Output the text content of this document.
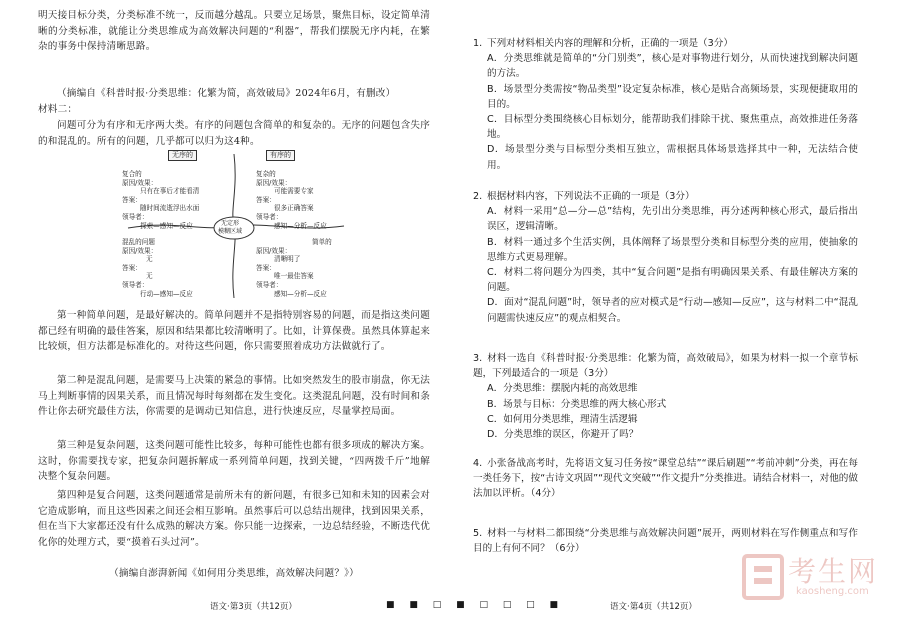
明天接目标分类，分类标准不统一，反而越分越乱。只要立足场景，聚焦目标，设定简单清晰的分类标准，就能让分类思维成为高效解决问题的“利器”，帮我们摆脱无序内耗，在繁杂的事务中保持清晰思路。

（摘编自《科普时报·分类思维：化繁为简，高效破局》2024年6月，有删改）

材料二：

问题可分为有序和无序两大类。有序的问题包含简单的和复杂的。无序的问题包含失序的和混乱的。所有的问题，几乎都可以归为这4种。

无序的	有序的
无定形
模糊区域
复合的
原因/效果：
只有在事后才能看清
答案：
随时间流逝浮出水面
领导者：
探索—感知—反应
复杂的
原因/效果：
可能需要专家
答案：
很多正确答案
领导者：
感知—分析—反应
混乱的问题
原因/效果：
无
答案：
无
领导者：
行动—感知—反应
简单的
原因/效果：
清晰明了
答案：
唯一最佳答案
领导者：
感知—分析—反应

第一种简单问题，是最好解决的。简单问题并不是指特别容易的问题，而是指这类问题都已经有明确的最佳答案，原因和结果都比较清晰明了。比如，计算保费。虽然具体算起来比较烦，但方法都是标准化的。对待这些问题，你只需要照着成功方法做就行了。

第二种是混乱问题，是需要马上决策的紧急的事情。比如突然发生的股市崩盘，你无法马上判断事情的因果关系，而且情况每时每刻都在发生变化。这类混乱问题，没有时间和条件让你去研究最佳方法，你需要的是调动已知信息，进行快速反应，尽量掌控局面。

第三种是复杂问题，这类问题可能性比较多，每种可能性也都有很多项成的解决方案。这时，你需要找专家，把复杂问题拆解成一系列简单问题，找到关键，“四两拨千斤”地解决整个复杂问题。

第四种是复合问题，这类问题通常是前所未有的新问题，有很多已知和未知的因素会对它造成影响，而且这些因素之间还会相互影响。虽然事后可以总结出规律，找到因果关系，但在当下大家都还没有什么成熟的解决方案。你只能一边探索，一边总结经验，不断迭代优化你的处理方式，要“摸着石头过河”。

（摘编自澎湃新闻《如何用分类思维，高效解决问题？》）

语文·第3页（共12页）	■ ■ □ ■ □ □ □ ■

1. 下列对材料相关内容的理解和分析，正确的一项是（3分）

A．分类思维就是简单的“分门别类”，核心是对事物进行划分，从而快速找到解决问题的方法。

B．场景型分类需按“物品类型”设定复杂标准，核心是贴合高频场景，实现便捷取用的目的。

C．目标型分类围绕核心目标划分，能帮助我们排除干扰、聚焦重点，高效推进任务落地。

D．场景型分类与目标型分类相互独立，需根据具体场景选择其中一种，无法结合使用。

2. 根据材料内容，下列说法不正确的一项是（3分）

A．材料一采用“总—分—总”结构，先引出分类思维，再分述两种核心形式，最后指出误区，逻辑清晰。

B．材料一通过多个生活实例，具体阐释了场景型分类和目标型分类的应用，使抽象的思维方式更易理解。

C．材料二将问题分为四类，其中“复合问题”是指有明确因果关系、有最佳解决方案的问题。

D．面对“混乱问题”时，领导者的应对模式是“行动—感知—反应”，这与材料二中“混乱问题需快速反应”的观点相契合。

3. 材料一选自《科普时报·分类思维：化繁为简，高效破局》，如果为材料一拟一个章节标题，下列最适合的一项是（3分）

A．分类思维：摆脱内耗的高效思维

B．场景与目标：分类思维的两大核心形式

C．如何用分类思维，理清生活逻辑

D．分类思维的误区，你避开了吗？

4. 小张备战高考时，先将语文复习任务按“课堂总结”“课后刷题”“考前冲刺”分类，再在每一类任务下，按“古诗文巩固”“现代文突破”“作文提升”分类推进。请结合材料一，对他的做法加以评析。（4分）

5. 材料一与材料二都围绕“分类思维与高效解决问题”展开，两则材料在写作侧重点和写作目的上有何不同？（6分）

语文·第4页（共12页）
考生网
kaosheng.com
